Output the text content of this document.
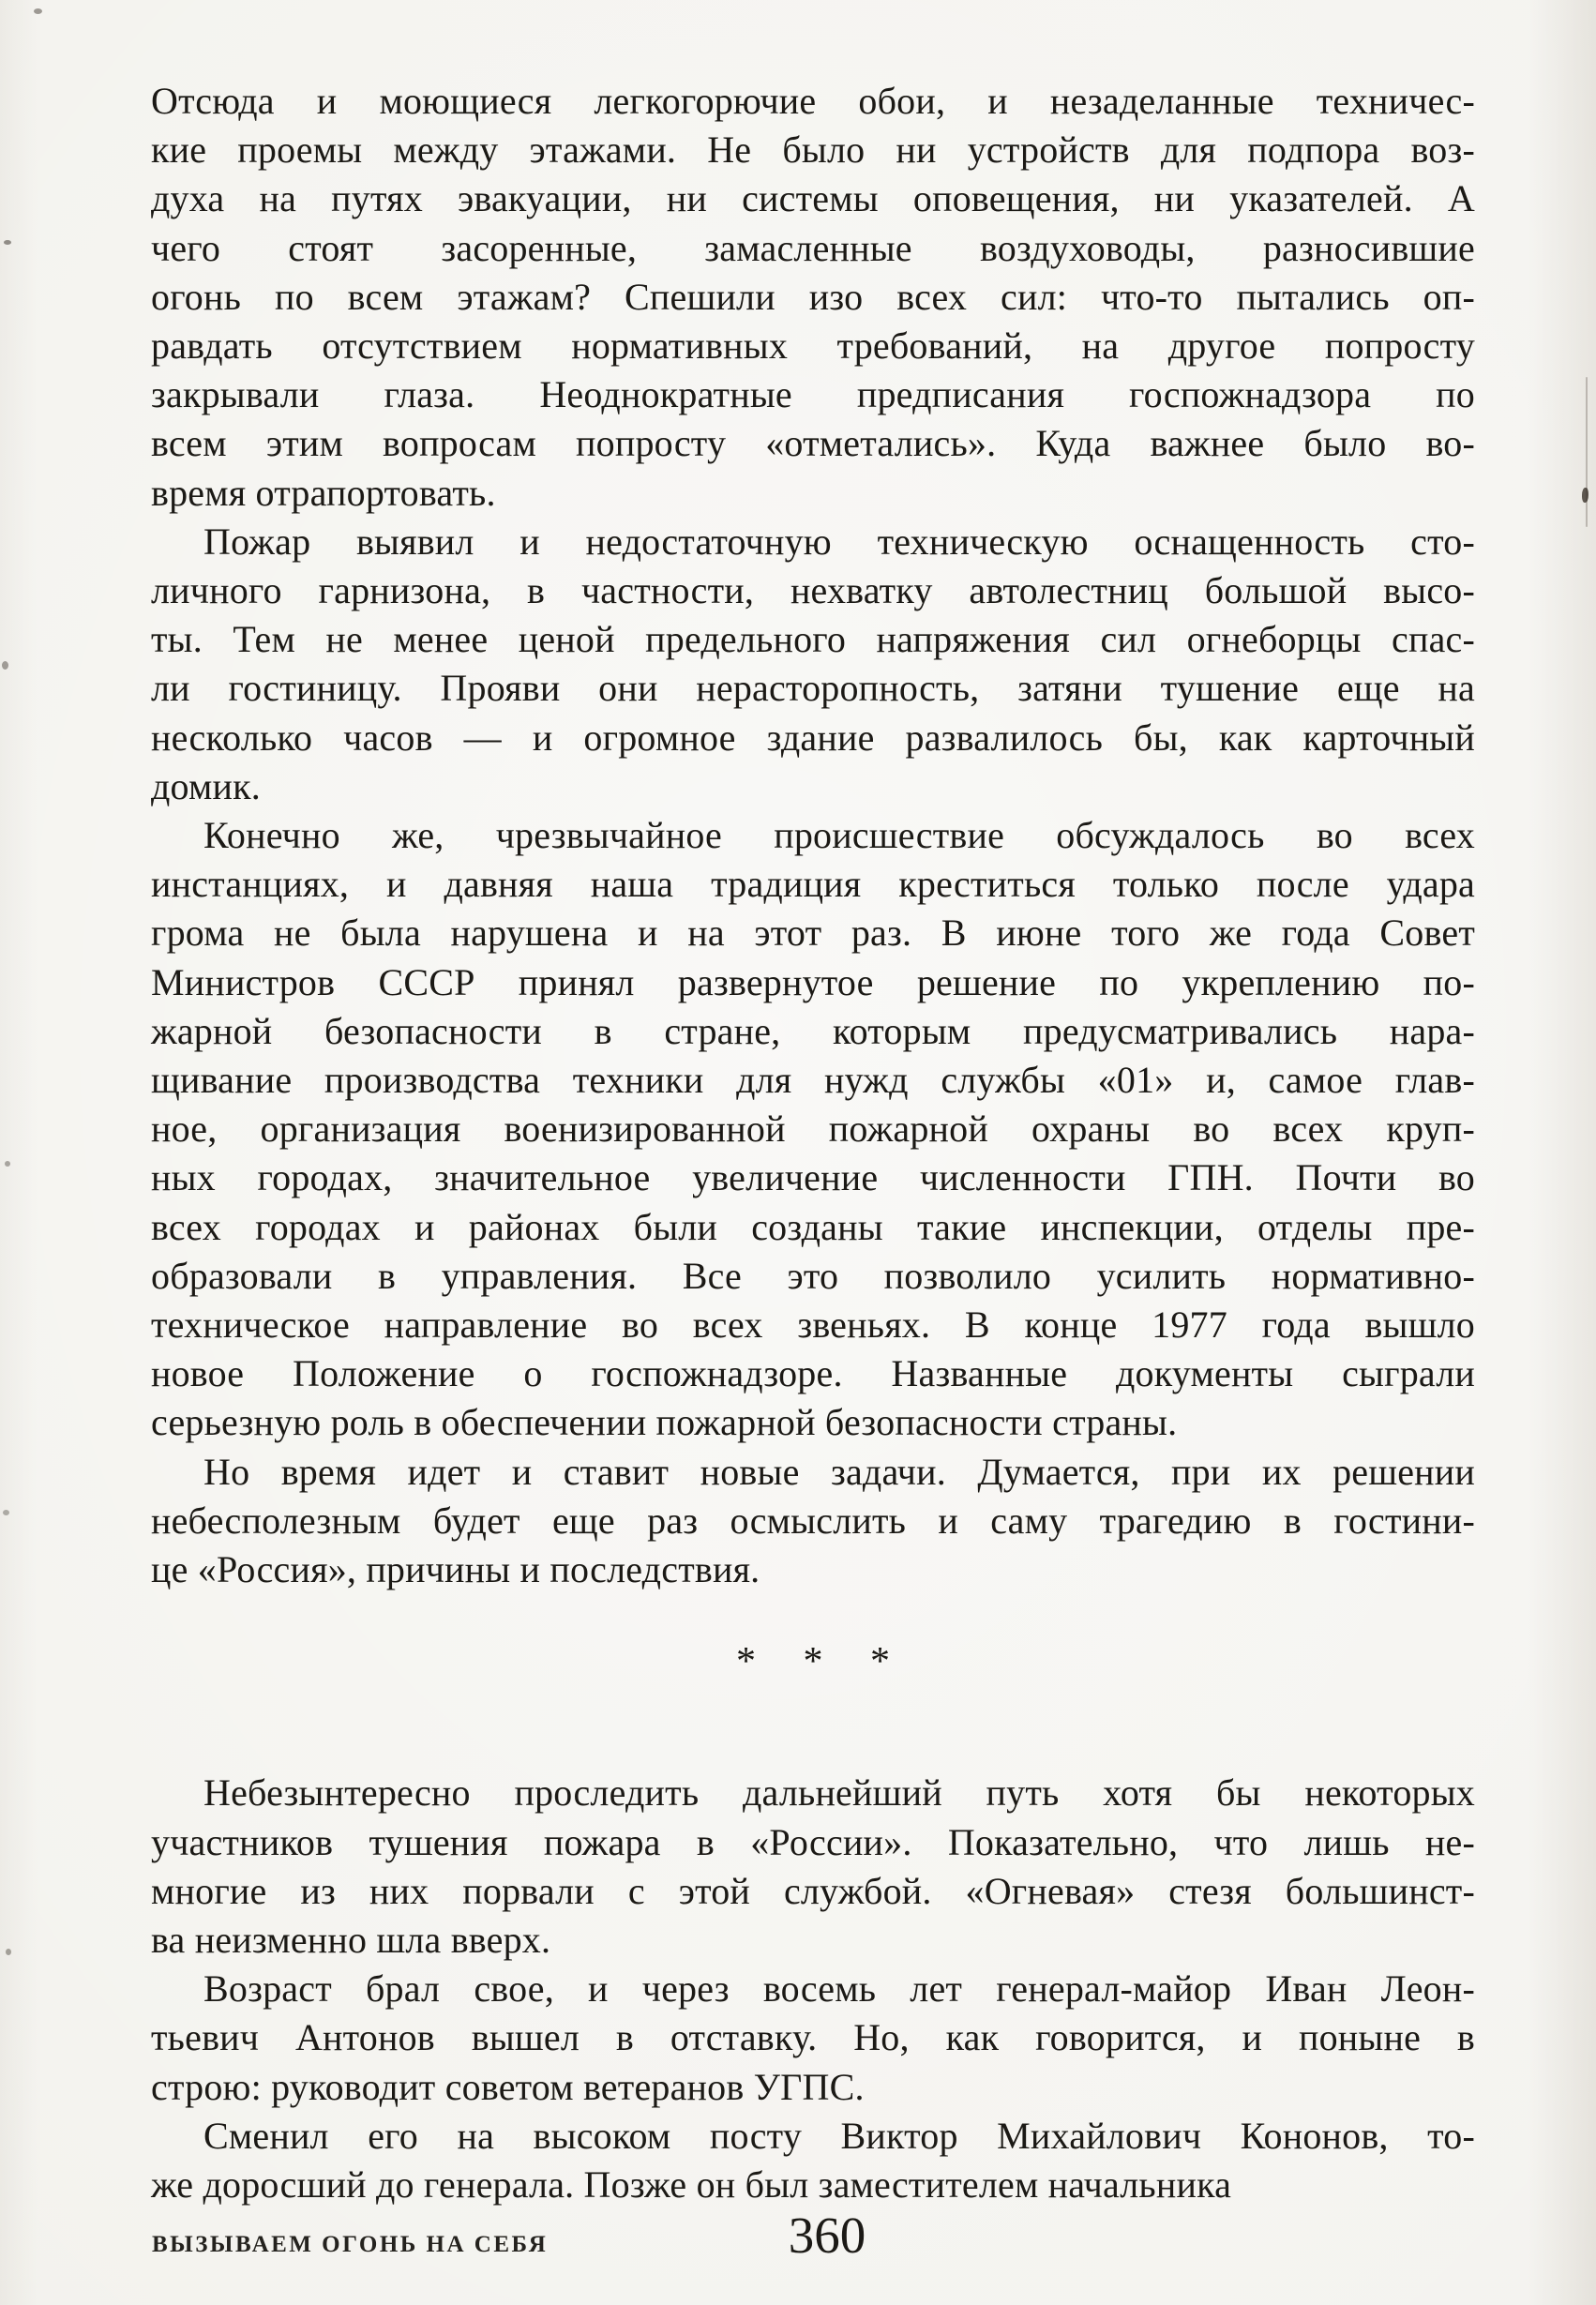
Отсюда и моющиеся легкогорючие обои, и незаделанные техничес-
кие проемы между этажами. Не было ни устройств для подпора воз-
духа на путях эвакуации, ни системы оповещения, ни указателей. А
чего стоят засоренные, замасленные воздуховоды, разносившие
огонь по всем этажам? Спешили изо всех сил: что-то пытались оп-
равдать отсутствием нормативных требований, на другое попросту
закрывали глаза. Неоднократные предписания госпожнадзора по
всем этим вопросам попросту «отметались». Куда важнее было во-
время отрапортовать.
Пожар выявил и недостаточную техническую оснащенность сто-
личного гарнизона, в частности, нехватку автолестниц большой высо-
ты. Тем не менее ценой предельного напряжения сил огнеборцы спас-
ли гостиницу. Прояви они нерасторопность, затяни тушение еще на
несколько часов — и огромное здание развалилось бы, как карточный
домик.
Конечно же, чрезвычайное происшествие обсуждалось во всех
инстанциях, и давняя наша традиция креститься только после удара
грома не была нарушена и на этот раз. В июне того же года Совет
Министров СССР принял развернутое решение по укреплению по-
жарной безопасности в стране, которым предусматривались нара-
щивание производства техники для нужд службы «01» и, самое глав-
ное, организация военизированной пожарной охраны во всех круп-
ных городах, значительное увеличение численности ГПН. Почти во
всех городах и районах были созданы такие инспекции, отделы пре-
образовали в управления. Все это позволило усилить нормативно-
техническое направление во всех звеньях. В конце 1977 года вышло
новое Положение о госпожнадзоре. Названные документы сыграли
серьезную роль в обеспечении пожарной безопасности страны.
Но время идет и ставит новые задачи. Думается, при их решении
небесполезным будет еще раз осмыслить и саму трагедию в гостини-
це «Россия», причины и последствия.
* * *
Небезынтересно проследить дальнейший путь хотя бы некоторых
участников тушения пожара в «России». Показательно, что лишь не-
многие из них порвали с этой службой. «Огневая» стезя большинст-
ва неизменно шла вверх.
Возраст брал свое, и через восемь лет генерал-майор Иван Леон-
тьевич Антонов вышел в отставку. Но, как говорится, и поныне в
строю: руководит советом ветеранов УГПС.
Сменил его на высоком посту Виктор Михайлович Кононов, то-
же доросший до генерала. Позже он был заместителем начальника
ВЫЗЫВАЕМ ОГОНЬ НА СЕБЯ	360
